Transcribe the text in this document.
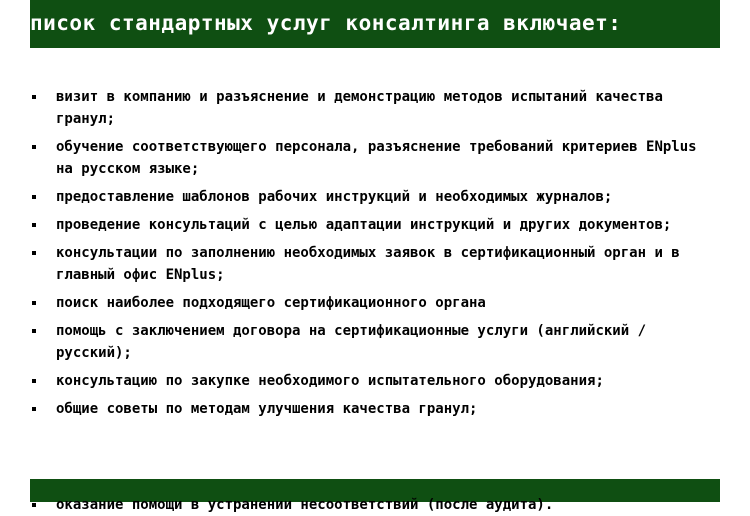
писок стандартных услуг консалтинга включает:
визит в компанию и разъяснение и демонстрацию методов испытаний качества гранул;
обучение соответствующего персонала, разъяснение требований критериев ENplus на русском языке;
предоставление шаблонов рабочих инструкций и необходимых журналов;
проведение консультаций с целью адаптации инструкций и других документов;
консультации по заполнению необходимых заявок в сертификационный орган и в главный офис ENplus;
поиск наиболее подходящего сертификационного органа
помощь с заключением договора на сертификационные услуги (английский / русский);
консультацию по закупке необходимого испытательного оборудования;
общие советы по методам улучшения качества гранул;
оказание помощи в устранении несоответствий (после аудита).
